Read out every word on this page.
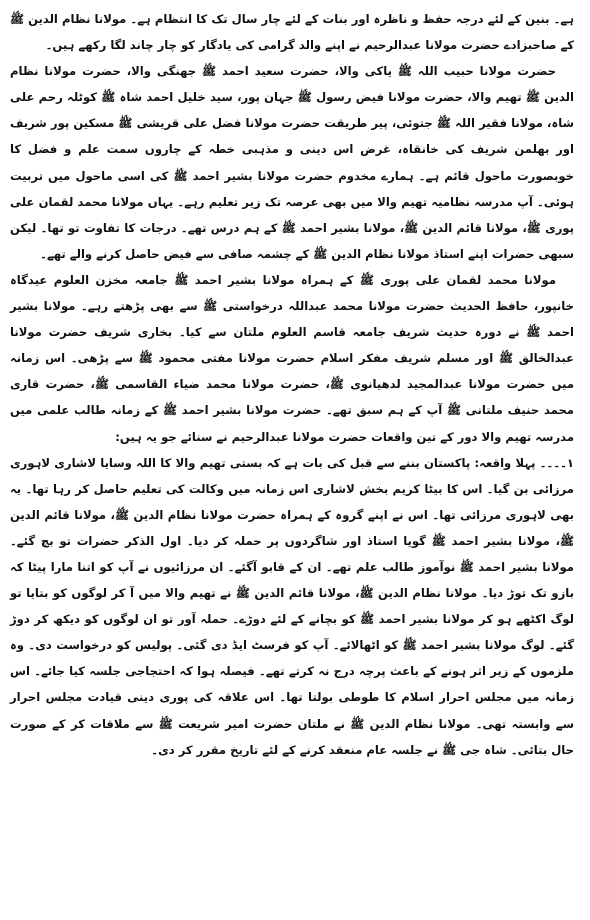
ہے۔ بنین کے لئے درجہ حفظ و ناظرہ اور بنات کے لئے چار سال تک کا انتظام ہے۔ مولانا نظام الدین ﷺ کے صاحبزادے حضرت مولانا عبدالرحیم نے اپنے والد گرامی کی یادگار کو چار چاند لگا رکھے ہیں۔

حضرت مولانا حبیب اللہ ﷺ یاکی والا، حضرت سعید احمد ﷺ جھنگی والا، حضرت مولانا نظام الدین ﷺ تھیم والا، حضرت مولانا فیض رسول ﷺ جہان پور، سید خلیل احمد شاہ ﷺ کوٹلہ رحم علی شاہ، مولانا فقیر اللہ ﷺ جتوئی، پیر طریقت حضرت مولانا فضل علی قریشی ﷺ مسکین پور شریف اور بھلمن شریف کی خانقاہ، غرض اس دینی و مذہبی خطہ کے چاروں سمت علم و فضل کا خوبصورت ماحول قائم ہے۔ ہمارے مخدوم حضرت مولانا بشیر احمد ﷺ کی اسی ماحول میں تربیت ہوئی۔ آپ مدرسہ نظامیہ تھیم والا میں بھی عرصہ تک زیر تعلیم رہے۔ یہاں مولانا محمد لقمان علی پوری ﷺ، مولانا قائم الدین ﷺ، مولانا بشیر احمد ﷺ کے ہم درس تھے۔ درجات کا تفاوت تو تھا۔ لیکن سبھی حضرات اپنے استاذ مولانا نظام الدین ﷺ کے چشمہ صافی سے فیض حاصل کرنے والے تھے۔

مولانا محمد لقمان علی پوری ﷺ کے ہمراہ مولانا بشیر احمد ﷺ جامعہ مخزن العلوم عیدگاہ خانپور، حافظ الحدیث حضرت مولانا محمد عبداللہ درخواستی ﷺ سے بھی پڑھتے رہے۔ مولانا بشیر احمد ﷺ نے دورہ حدیث شریف جامعہ قاسم العلوم ملتان سے کیا۔ بخاری شریف حضرت مولانا عبدالخالق ﷺ اور مسلم شریف مفکر اسلام حضرت مولانا مفتی محمود ﷺ سے پڑھی۔ اس زمانہ میں حضرت مولانا عبدالمجید لدھیانوی ﷺ، حضرت مولانا محمد ضیاء القاسمی ﷺ، حضرت قاری محمد حنیف ملتانی ﷺ آپ کے ہم سبق تھے۔ حضرت مولانا بشیر احمد ﷺ کے زمانہ طالب علمی میں مدرسہ تھیم والا دور کے تین واقعات حضرت مولانا عبدالرحیم نے سنائے جو یہ ہیں:

۱۔۔۔۔ پہلا واقعہ: پاکستان بننے سے قبل کی بات ہے کہ بستی تھیم والا کا اللہ وسایا لاشاری لاہوری مرزائی بن گیا۔ اس کا بیٹا کریم بخش لاشاری اس زمانہ میں وکالت کی تعلیم حاصل کر رہا تھا۔ یہ بھی لاہوری مرزائی تھا۔ اس نے اپنے گروہ کے ہمراہ حضرت مولانا نظام الدین ﷺ، مولانا قائم الدین ﷺ، مولانا بشیر احمد ﷺ گویا استاذ اور شاگردوں پر حملہ کر دیا۔ اول الذکر حضرات تو بچ گئے۔ مولانا بشیر احمد ﷺ نوآموز طالب علم تھے۔ ان کے قابو آگئے۔ ان مرزائیوں نے آپ کو اتنا مارا پیٹا کہ بازو تک توڑ دیا۔ مولانا نظام الدین ﷺ، مولانا قائم الدین ﷺ نے تھیم والا میں آ کر لوگوں کو بتایا تو لوگ اکٹھے ہو کر مولانا بشیر احمد ﷺ کو بچانے کے لئے دوڑے۔ حملہ آور تو ان لوگوں کو دیکھ کر دوڑ گئے۔ لوگ مولانا بشیر احمد ﷺ کو اٹھالائے۔ آپ کو فرسٹ ایڈ دی گئی۔ پولیس کو درخواست دی۔ وہ ملزموں کے زیر اثر ہونے کے باعث پرچہ درج نہ کرتے تھے۔ فیصلہ ہوا کہ احتجاجی جلسہ کیا جائے۔ اس زمانہ میں مجلس احرار اسلام کا طوطی بولتا تھا۔ اس علاقہ کی پوری دینی قیادت مجلس احرار سے وابستہ تھی۔ مولانا نظام الدین ﷺ نے ملتان حضرت امیر شریعت ﷺ سے ملاقات کر کے صورت حال بتائی۔ شاہ جی ﷺ نے جلسہ عام منعقد کرنے کے لئے تاریخ مقرر کر دی۔
